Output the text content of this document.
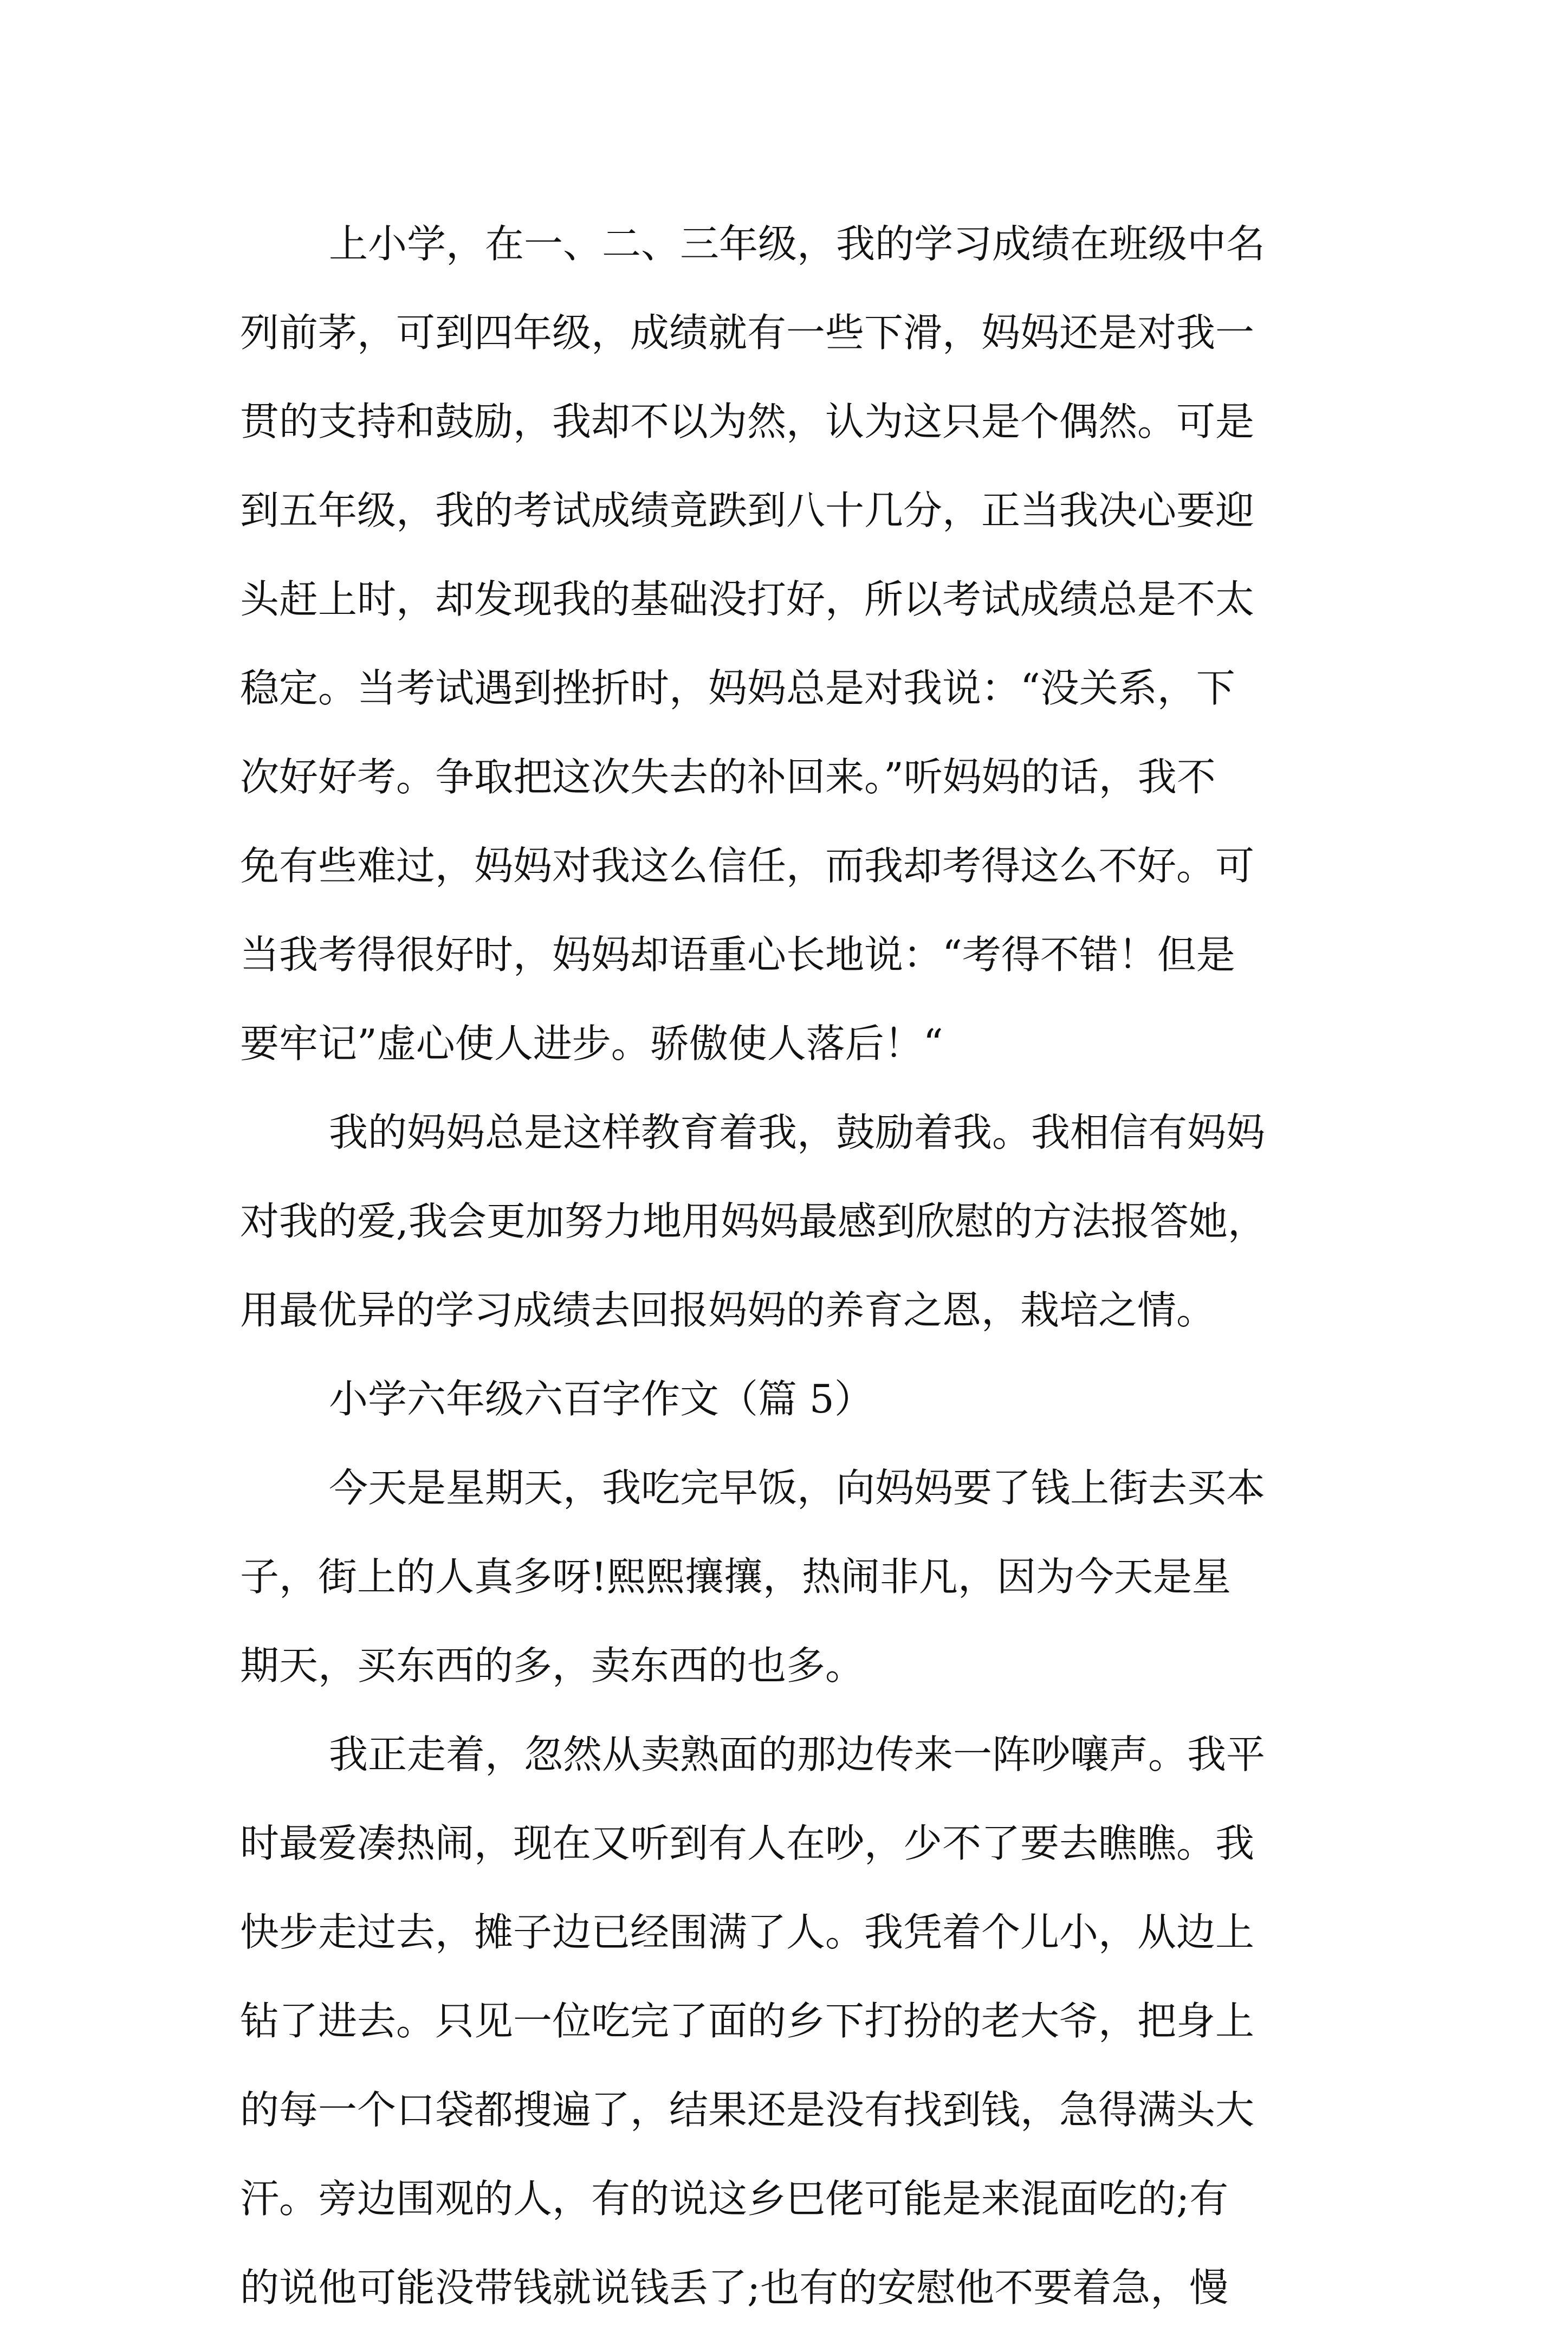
上小学，在一、二、三年级，我的学习成绩在班级中名
列前茅，可到四年级，成绩就有一些下滑，妈妈还是对我一
贯的支持和鼓励，我却不以为然，认为这只是个偶然。可是
到五年级，我的考试成绩竟跌到八十几分，正当我决心要迎
头赶上时，却发现我的基础没打好，所以考试成绩总是不太
稳定。当考试遇到挫折时，妈妈总是对我说：“没关系，下
次好好考。争取把这次失去的补回来。”听妈妈的话，我不
免有些难过，妈妈对我这么信任，而我却考得这么不好。可
当我考得很好时，妈妈却语重心长地说：“考得不错！但是
要牢记”虚心使人进步。骄傲使人落后！“
我的妈妈总是这样教育着我，鼓励着我。我相信有妈妈
对我的爱,我会更加努力地用妈妈最感到欣慰的方法报答她，
用最优异的学习成绩去回报妈妈的养育之恩，栽培之情。
小学六年级六百字作文（篇 5）
今天是星期天，我吃完早饭，向妈妈要了钱上街去买本
子，街上的人真多呀!熙熙攘攘，热闹非凡，因为今天是星
期天，买东西的多，卖东西的也多。
我正走着，忽然从卖熟面的那边传来一阵吵嚷声。我平
时最爱凑热闹，现在又听到有人在吵，少不了要去瞧瞧。我
快步走过去，摊子边已经围满了人。我凭着个儿小，从边上
钻了进去。只见一位吃完了面的乡下打扮的老大爷，把身上
的每一个口袋都搜遍了，结果还是没有找到钱，急得满头大
汗。旁边围观的人，有的说这乡巴佬可能是来混面吃的;有
的说他可能没带钱就说钱丢了;也有的安慰他不要着急，慢
